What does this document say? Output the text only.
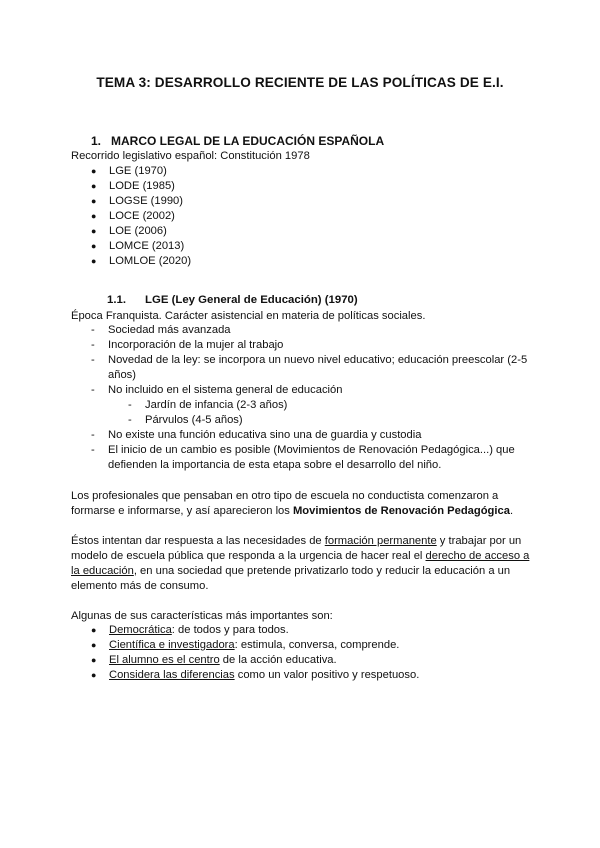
TEMA 3: DESARROLLO RECIENTE DE LAS POLÍTICAS DE E.I.
1. MARCO LEGAL DE LA EDUCACIÓN ESPAÑOLA
Recorrido legislativo español: Constitución 1978
● LGE (1970)
● LODE (1985)
● LOGSE (1990)
● LOCE (2002)
● LOE (2006)
● LOMCE (2013)
● LOMLOE (2020)
1.1. LGE (Ley General de Educación) (1970)
Época Franquista. Carácter asistencial en materia de políticas sociales.
- Sociedad más avanzada
- Incorporación de la mujer al trabajo
- Novedad de la ley: se incorpora un nuevo nivel educativo; educación preescolar (2-5
años)
- No incluido en el sistema general de educación
- Jardín de infancia (2-3 años)
- Párvulos (4-5 años)
- No existe una función educativa sino una de guardia y custodia
- El inicio de un cambio es posible (Movimientos de Renovación Pedagógica...) que
defienden la importancia de esta etapa sobre el desarrollo del niño.
Los profesionales que pensaban en otro tipo de escuela no conductista comenzaron a
formarse e informarse, y así aparecieron los Movimientos de Renovación Pedagógica.
Éstos intentan dar respuesta a las necesidades de formación permanente y trabajar por un
modelo de escuela pública que responda a la urgencia de hacer real el derecho de acceso a
la educación, en una sociedad que pretende privatizarlo todo y reducir la educación a un
elemento más de consumo.
Algunas de sus características más importantes son:
● Democrática: de todos y para todos.
● Científica e investigadora: estimula, conversa, comprende.
● El alumno es el centro de la acción educativa.
● Considera las diferencias como un valor positivo y respetuoso.
